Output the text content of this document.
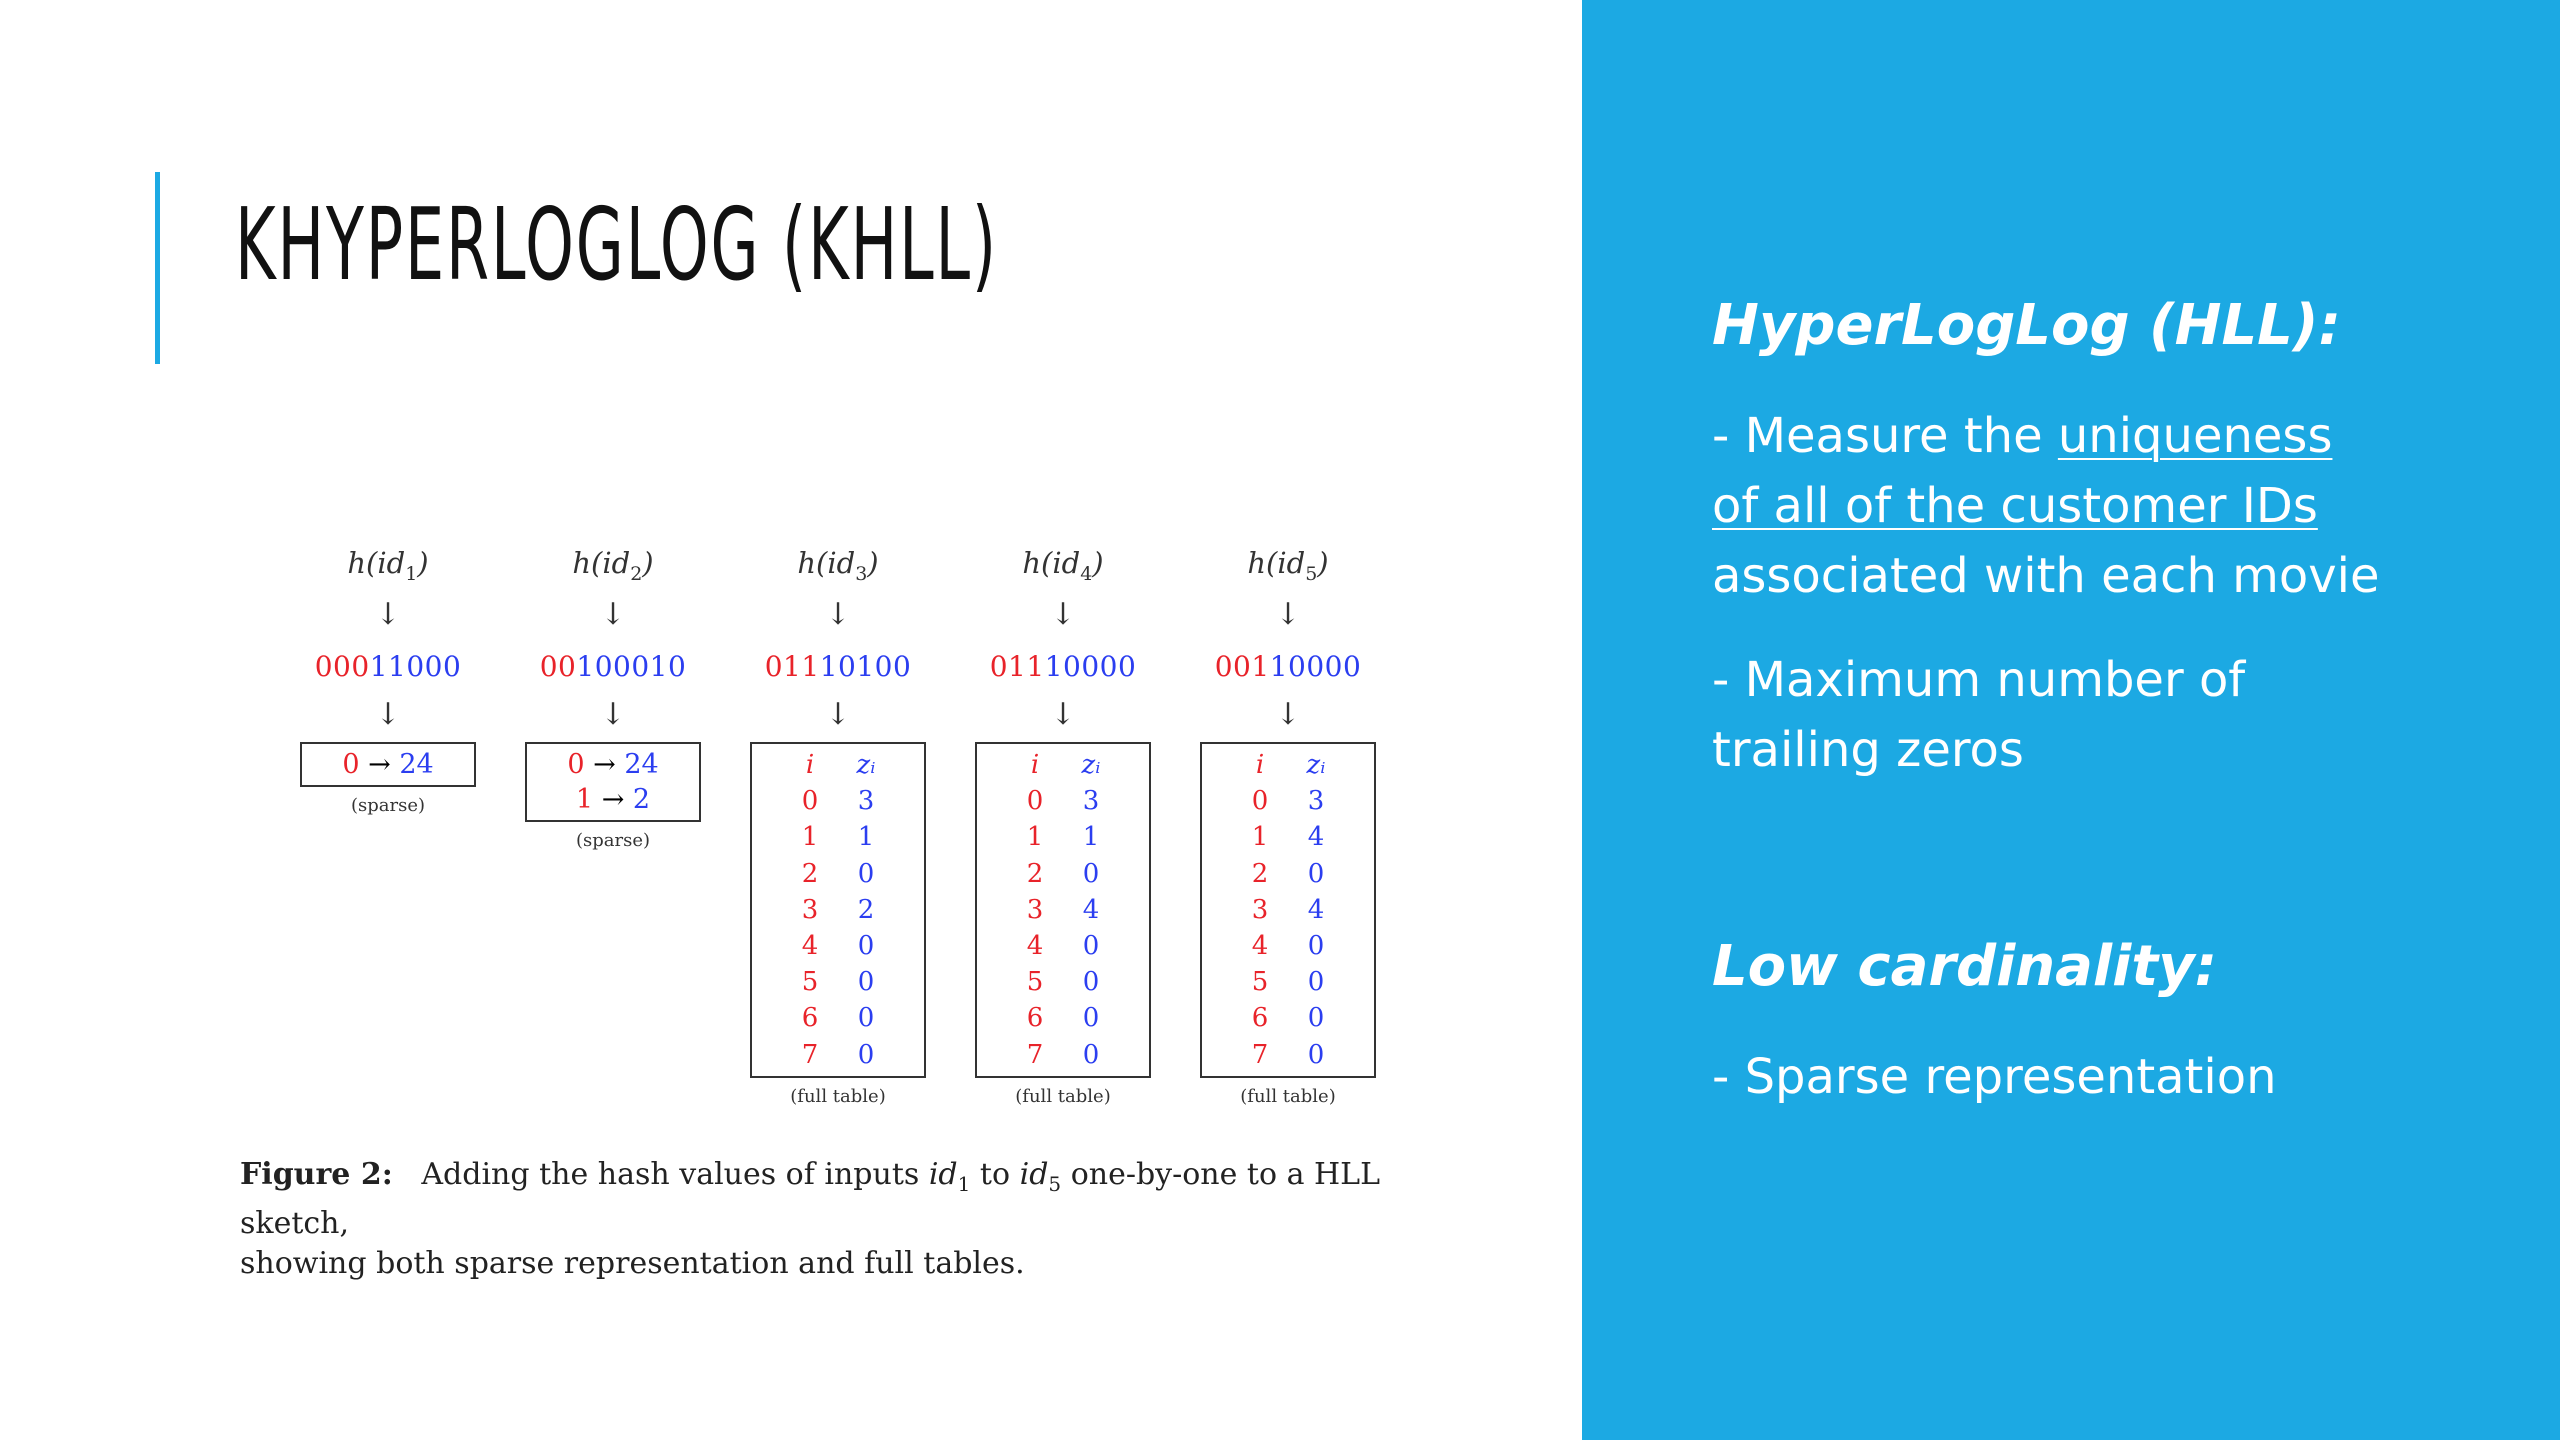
KHYPERLOGLOG (KHLL)
Figure 2: Adding the hash values of inputs $id_1$ to $id_5$ one-by-one to a HLL sketch,
showing both sparse representation and full tables.
$h(id_1)$
↓
↓
00011000
0 → 24
(sparse)
$h(id_2)$
↓
↓
00100010
0 → 24
1 → 2
(sparse)
$h(id_3)$
↓
↓
01110100
i	zᵢ
0	3
1	1
2	0
3	2
4	0
5	0
6	0
7	0
(full table)
$h(id_4)$
↓
↓
01110000
i	zᵢ
0	3
1	1
2	0
3	4
4	0
5	0
6	0
7	0
(full table)
$h(id_5)$
↓
↓
00110000
i	zᵢ
0	3
1	4
2	0
3	4
4	0
5	0
6	0
7	0
(full table)
HyperLogLog (HLL):
- Measure the uniqueness
of all of the customer IDs
associated with each movie
- Maximum number of
trailing zeros
Low cardinality:
- Sparse representation
